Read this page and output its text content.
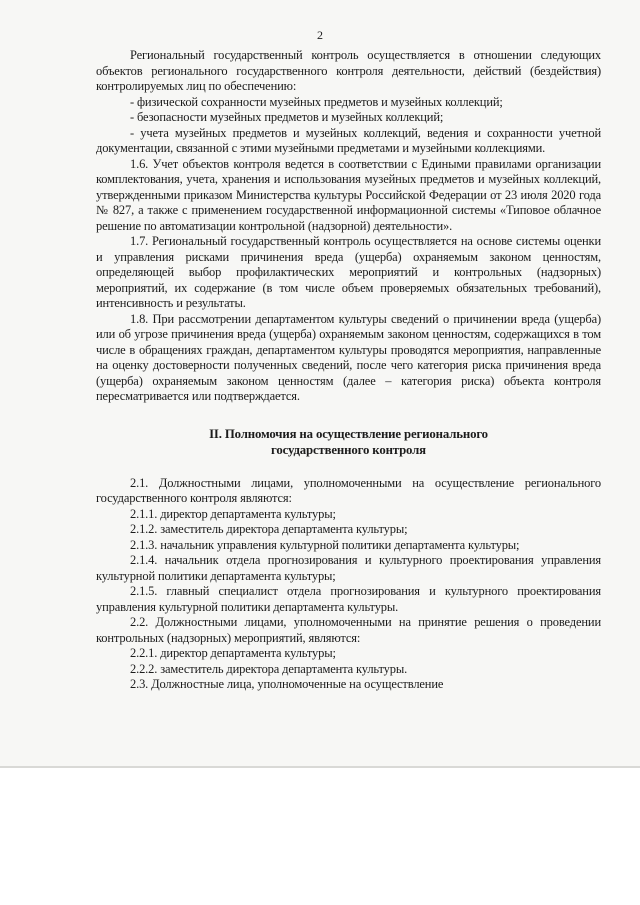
2

Региональный государственный контроль осуществляется в отношении следующих объектов регионального государственного контроля деятельности, действий (бездействия) контролируемых лиц по обеспечению:

- физической сохранности музейных предметов и музейных коллекций;

- безопасности музейных предметов и музейных коллекций;

- учета музейных предметов и музейных коллекций, ведения и сохранности учетной документации, связанной с этими музейными предметами и музейными коллекциями.

1.6. Учет объектов контроля ведется в соответствии с Едиными правилами организации комплектования, учета, хранения и использования музейных предметов и музейных коллекций, утвержденными приказом Министерства культуры Российской Федерации от 23 июля 2020 года № 827, а также с применением государственной информационной системы «Типовое облачное решение по автоматизации контрольной (надзорной) деятельности».

1.7. Региональный государственный контроль осуществляется на основе системы оценки и управления рисками причинения вреда (ущерба) охраняемым законом ценностям, определяющей выбор профилактических мероприятий и контрольных (надзорных) мероприятий, их содержание (в том числе объем проверяемых обязательных требований), интенсивность и результаты.

1.8. При рассмотрении департаментом культуры сведений о причинении вреда (ущерба) или об угрозе причинения вреда (ущерба) охраняемым законом ценностям, содержащихся в том числе в обращениях граждан, департаментом культуры проводятся мероприятия, направленные на оценку достоверности полученных сведений, после чего категория риска причинения вреда (ущерба) охраняемым законом ценностям (далее – категория риска) объекта контроля пересматривается или подтверждается.

II. Полномочия на осуществление регионального
государственного контроля

2.1. Должностными лицами, уполномоченными на осуществление регионального государственного контроля являются:

2.1.1. директор департамента культуры;

2.1.2. заместитель директора департамента культуры;

2.1.3. начальник управления культурной политики департамента культуры;

2.1.4. начальник отдела прогнозирования и культурного проектирования управления культурной политики департамента культуры;

2.1.5. главный специалист отдела прогнозирования и культурного проектирования управления культурной политики департамента культуры.

2.2. Должностными лицами, уполномоченными на принятие решения о проведении контрольных (надзорных) мероприятий, являются:

2.2.1. директор департамента культуры;

2.2.2. заместитель директора департамента культуры.

2.3. Должностные лица, уполномоченные на осуществление
